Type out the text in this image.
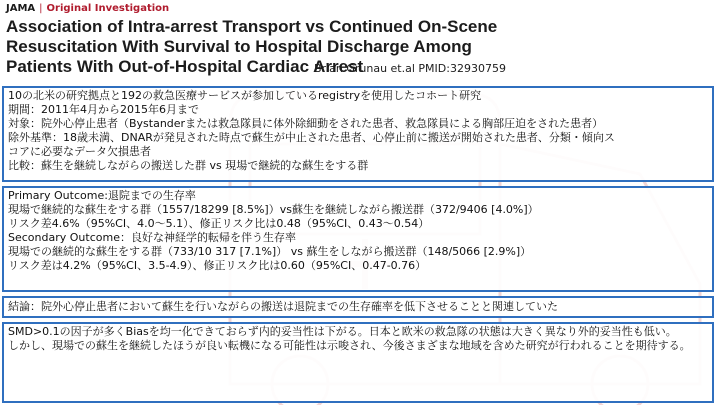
JAMA | Original Investigation
Association of Intra-arrest Transport vs Continued On-Scene Resuscitation With Survival to Hospital Discharge Among Patients With Out-of-Hospital Cardiac Arrest
Brian Grunau et.al PMID:32930759
10の北米の研究拠点と192の救急医療サービスが参加しているregistryを使用したコホート研究
期間：2011年4月から2015年6月まで
対象：院外心停止患者（Bystanderまたは救急隊員に体外除細動をされた患者、救急隊員による胸部圧迫をされた患者）
除外基準：18歳未満、DNARが発見された時点で蘇生が中止された患者、心停止前に搬送が開始された患者、分類・傾向ス
コアに必要なデータ欠損患者
比較：蘇生を継続しながらの搬送した群 vs 現場で継続的な蘇生をする群
Primary Outcome:退院までの生存率
現場で継続的な蘇生をする群（1557/18299 [8.5%]）vs蘇生を継続しながら搬送群（372/9406 [4.0%]）
リスク差4.6%（95%CI、4.0〜5.1）、修正リスク比は0.48（95%CI、0.43〜0.54）
Secondary Outcome：良好な神経学的転帰を伴う生存率
現場での継続的な蘇生をする群（733/10 317 [7.1%]） vs 蘇生をしながら搬送群（148/5066 [2.9%]）
リスク差は4.2%（95%CI、3.5-4.9）、修正リスク比は0.60（95%CI、0.47-0.76）
結論：院外心停止患者において蘇生を行いながらの搬送は退院までの生存確率を低下させることと関連していた
SMD>0.1の因子が多くBiasを均一化できておらず内的妥当性は下がる。日本と欧米の救急隊の状態は大きく異なり外的妥当性も低い。
しかし、現場での蘇生を継続したほうが良い転機になる可能性は示唆され、今後さまざまな地域を含めた研究が行われることを期待する。
